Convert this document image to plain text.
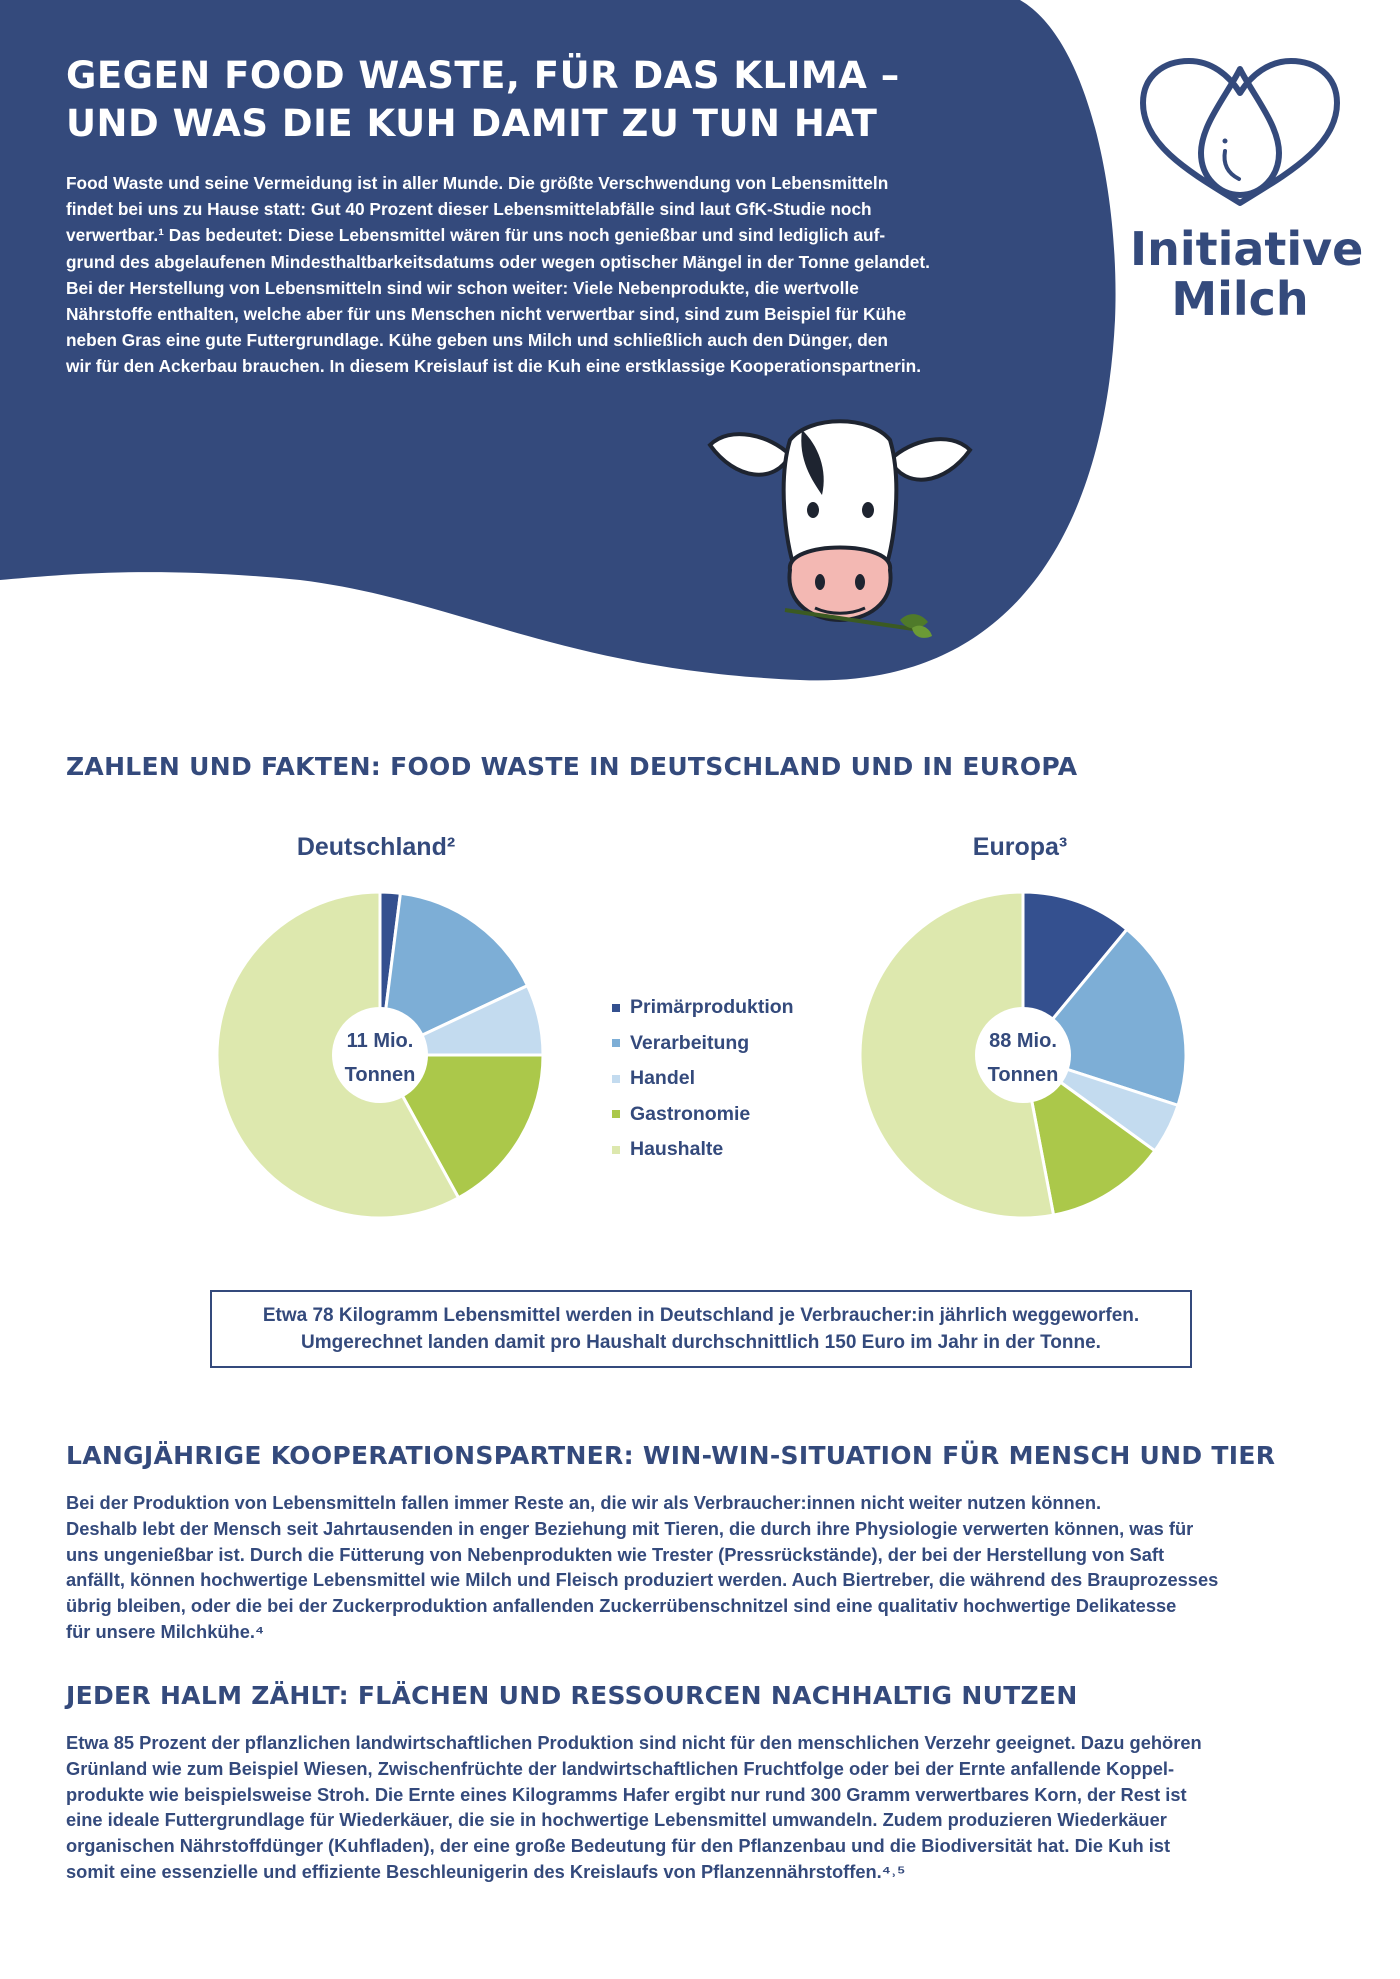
GEGEN FOOD WASTE, FÜR DAS KLIMA –
UND WAS DIE KUH DAMIT ZU TUN HAT
Food Waste und seine Vermeidung ist in aller Munde. Die größte Verschwendung von Lebensmitteln
findet bei uns zu Hause statt: Gut 40 Prozent dieser Lebensmittelabfälle sind laut GfK-Studie noch
verwertbar.¹ Das bedeutet: Diese Lebensmittel wären für uns noch genießbar und sind lediglich auf-
grund des abgelaufenen Mindesthaltbarkeitsdatums oder wegen optischer Mängel in der Tonne gelandet.
Bei der Herstellung von Lebensmitteln sind wir schon weiter: Viele Nebenprodukte, die wertvolle
Nährstoffe enthalten, welche aber für uns Menschen nicht verwertbar sind, sind zum Beispiel für Kühe
neben Gras eine gute Futtergrundlage. Kühe geben uns Milch und schließlich auch den Dünger, den
wir für den Ackerbau brauchen. In diesem Kreislauf ist die Kuh eine erstklassige Kooperationspartnerin.
Initiative
Milch
ZAHLEN UND FAKTEN: FOOD WASTE IN DEUTSCHLAND UND IN EUROPA
Deutschland²	Europa³
11 Mio.
Tonnen
88 Mio.
Tonnen
Primärproduktion
Verarbeitung
Handel
Gastronomie
Haushalte
Etwa 78 Kilogramm Lebensmittel werden in Deutschland je Verbraucher:in jährlich weggeworfen.
Umgerechnet landen damit pro Haushalt durchschnittlich 150 Euro im Jahr in der Tonne.
LANGJÄHRIGE KOOPERATIONSPARTNER: WIN-WIN-SITUATION FÜR MENSCH UND TIER
Bei der Produktion von Lebensmitteln fallen immer Reste an, die wir als Verbraucher:innen nicht weiter nutzen können.
Deshalb lebt der Mensch seit Jahrtausenden in enger Beziehung mit Tieren, die durch ihre Physiologie verwerten können, was für
uns ungenießbar ist. Durch die Fütterung von Nebenprodukten wie Trester (Pressrückstände), der bei der Herstellung von Saft
anfällt, können hochwertige Lebensmittel wie Milch und Fleisch produziert werden. Auch Biertreber, die während des Brauprozesses
übrig bleiben, oder die bei der Zuckerproduktion anfallenden Zuckerrübenschnitzel sind eine qualitativ hochwertige Delikatesse
für unsere Milchkühe.⁴
JEDER HALM ZÄHLT: FLÄCHEN UND RESSOURCEN NACHHALTIG NUTZEN
Etwa 85 Prozent der pflanzlichen landwirtschaftlichen Produktion sind nicht für den menschlichen Verzehr geeignet. Dazu gehören
Grünland wie zum Beispiel Wiesen, Zwischenfrüchte der landwirtschaftlichen Fruchtfolge oder bei der Ernte anfallende Koppel-
produkte wie beispielsweise Stroh. Die Ernte eines Kilogramms Hafer ergibt nur rund 300 Gramm verwertbares Korn, der Rest ist
eine ideale Futtergrundlage für Wiederkäuer, die sie in hochwertige Lebensmittel umwandeln. Zudem produzieren Wiederkäuer
organischen Nährstoffdünger (Kuhfladen), der eine große Bedeutung für den Pflanzenbau und die Biodiversität hat. Die Kuh ist
somit eine essenzielle und effiziente Beschleunigerin des Kreislaufs von Pflanzennährstoffen.⁴˒⁵
